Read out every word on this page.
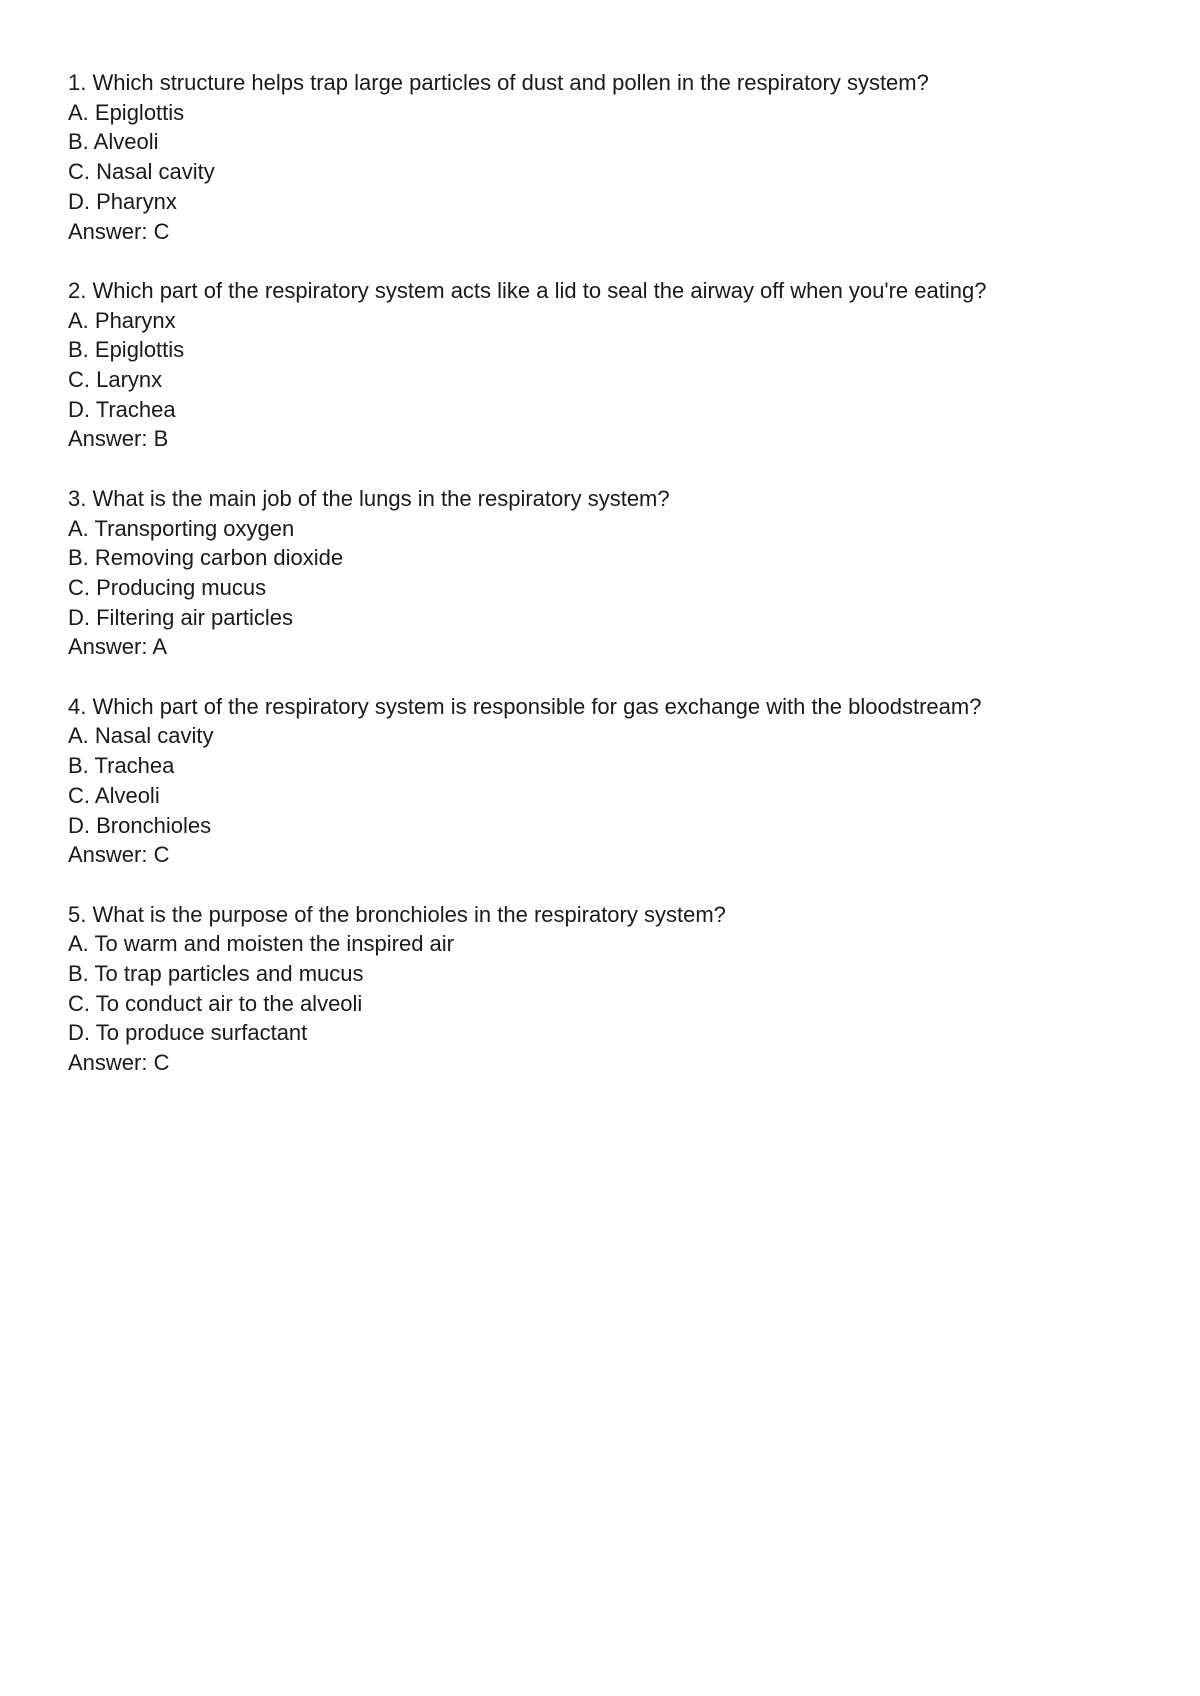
1. Which structure helps trap large particles of dust and pollen in the respiratory system?
A. Epiglottis
B. Alveoli
C. Nasal cavity
D. Pharynx
Answer: C
2. Which part of the respiratory system acts like a lid to seal the airway off when you're eating?
A. Pharynx
B. Epiglottis
C. Larynx
D. Trachea
Answer: B
3. What is the main job of the lungs in the respiratory system?
A. Transporting oxygen
B. Removing carbon dioxide
C. Producing mucus
D. Filtering air particles
Answer: A
4. Which part of the respiratory system is responsible for gas exchange with the bloodstream?
A. Nasal cavity
B. Trachea
C. Alveoli
D. Bronchioles
Answer: C
5. What is the purpose of the bronchioles in the respiratory system?
A. To warm and moisten the inspired air
B. To trap particles and mucus
C. To conduct air to the alveoli
D. To produce surfactant
Answer: C
